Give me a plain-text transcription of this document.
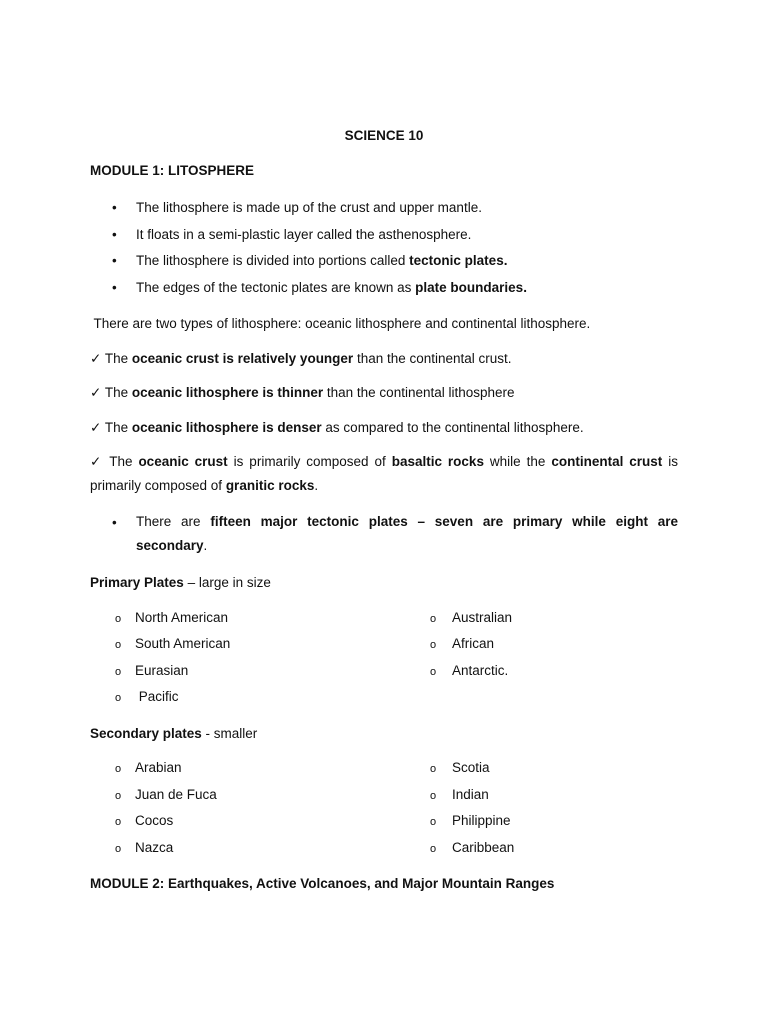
SCIENCE 10
MODULE 1: LITOSPHERE
• The lithosphere is made up of the crust and upper mantle.
• It floats in a semi-plastic layer called the asthenosphere.
• The lithosphere is divided into portions called tectonic plates.
• The edges of the tectonic plates are known as plate boundaries.
There are two types of lithosphere: oceanic lithosphere and continental lithosphere.
✓ The oceanic crust is relatively younger than the continental crust.
✓ The oceanic lithosphere is thinner than the continental lithosphere
✓ The oceanic lithosphere is denser as compared to the continental lithosphere.
✓ The oceanic crust is primarily composed of basaltic rocks while the continental crust is primarily composed of granitic rocks.
• There are fifteen major tectonic plates – seven are primary while eight are secondary.
Primary Plates – large in size
o North American
o South American
o Eurasian
o Pacific
o Australian
o African
o Antarctic.
Secondary plates - smaller
o Arabian
o Juan de Fuca
o Cocos
o Nazca
o Scotia
o Indian
o Philippine
o Caribbean
MODULE 2: Earthquakes, Active Volcanoes, and Major Mountain Ranges
